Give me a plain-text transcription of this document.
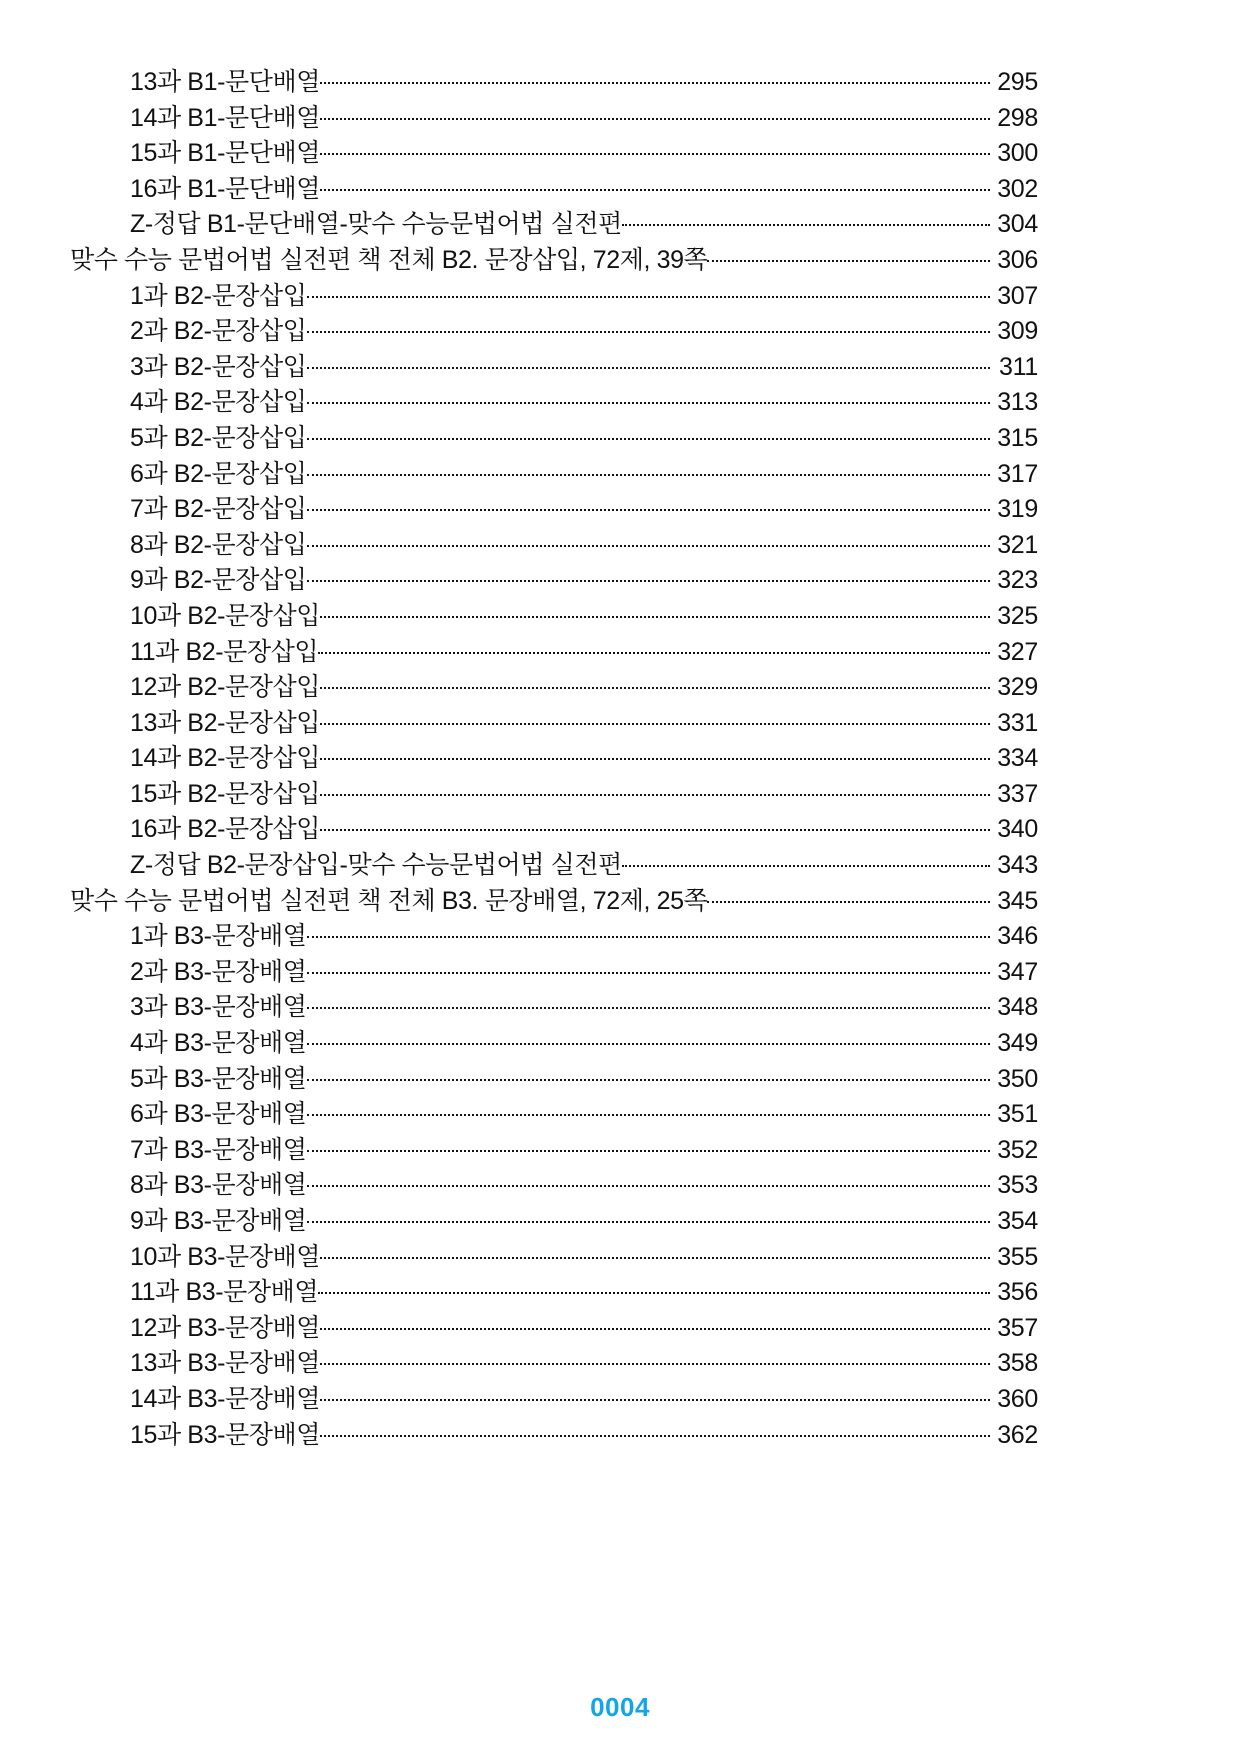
13과 B1-문단배열	295
14과 B1-문단배열	298
15과 B1-문단배열	300
16과 B1-문단배열	302
Z-정답 B1-문단배열-맞수 수능문법어법 실전편	304
맞수 수능 문법어법 실전편 책 전체 B2. 문장삽입, 72제, 39쪽	306
1과 B2-문장삽입	307
2과 B2-문장삽입	309
3과 B2-문장삽입	311
4과 B2-문장삽입	313
5과 B2-문장삽입	315
6과 B2-문장삽입	317
7과 B2-문장삽입	319
8과 B2-문장삽입	321
9과 B2-문장삽입	323
10과 B2-문장삽입	325
11과 B2-문장삽입	327
12과 B2-문장삽입	329
13과 B2-문장삽입	331
14과 B2-문장삽입	334
15과 B2-문장삽입	337
16과 B2-문장삽입	340
Z-정답 B2-문장삽입-맞수 수능문법어법 실전편	343
맞수 수능 문법어법 실전편 책 전체 B3. 문장배열, 72제, 25쪽	345
1과 B3-문장배열	346
2과 B3-문장배열	347
3과 B3-문장배열	348
4과 B3-문장배열	349
5과 B3-문장배열	350
6과 B3-문장배열	351
7과 B3-문장배열	352
8과 B3-문장배열	353
9과 B3-문장배열	354
10과 B3-문장배열	355
11과 B3-문장배열	356
12과 B3-문장배열	357
13과 B3-문장배열	358
14과 B3-문장배열	360
15과 B3-문장배열	362
0004
